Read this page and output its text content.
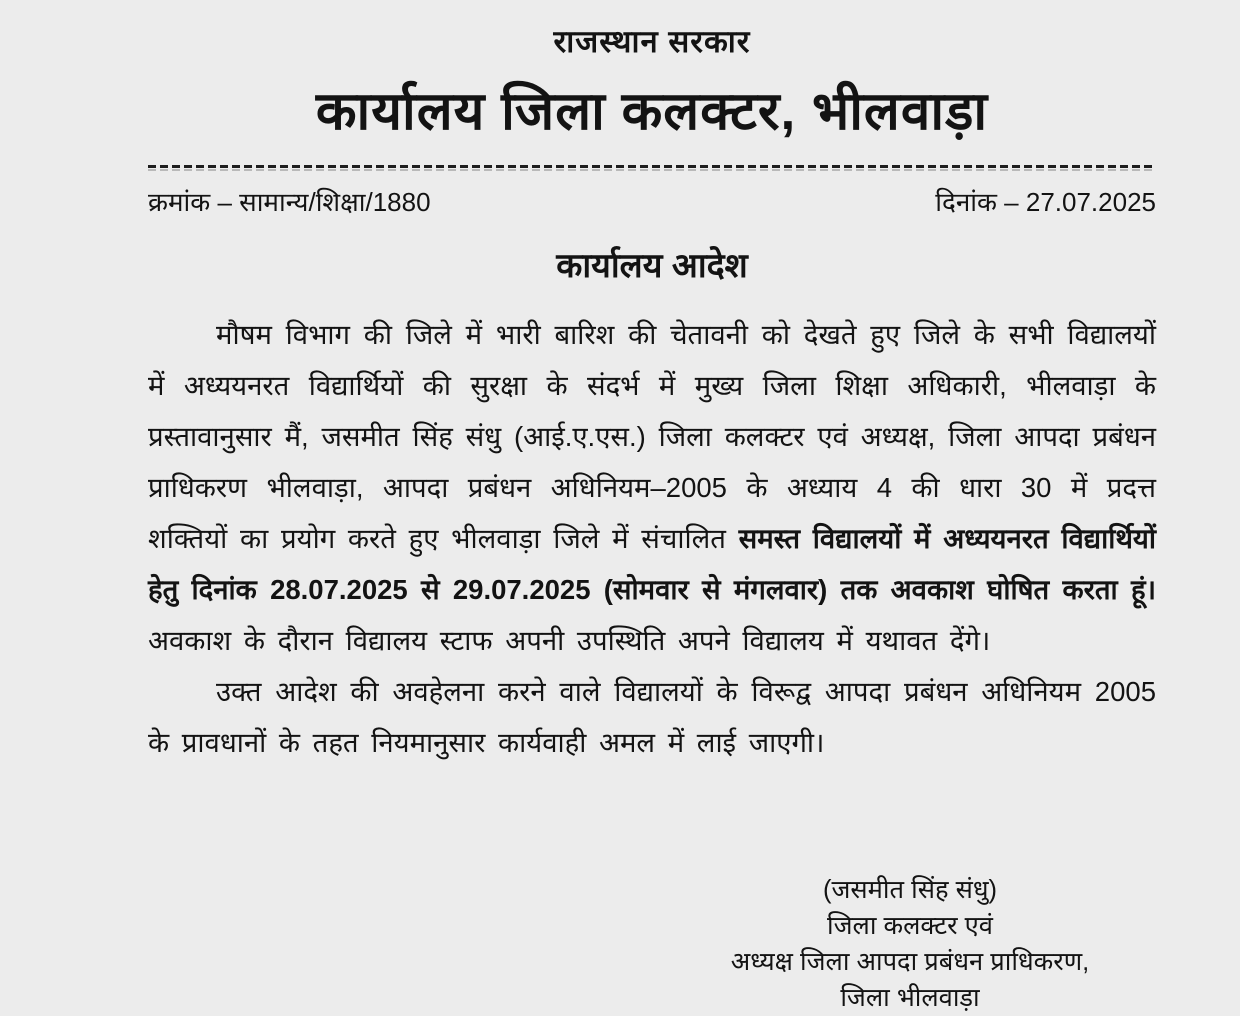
राजस्थान सरकार
कार्यालय जिला कलक्टर, भीलवाड़ा
क्रमांक – सामान्य/शिक्षा/1880	दिनांक – 27.07.2025
कार्यालय आदेश

मौषम विभाग की जिले में भारी बारिश की चेतावनी को देखते हुए जिले के सभी विद्यालयों में अध्ययनरत विद्यार्थियों की सुरक्षा के संदर्भ में मुख्य जिला शिक्षा अधिकारी, भीलवाड़ा के प्रस्तावानुसार मैं, जसमीत सिंह संधु (आई.ए.एस.) जिला कलक्टर एवं अध्यक्ष, जिला आपदा प्रबंधन प्राधिकरण भीलवाड़ा, आपदा प्रबंधन अधिनियम–2005 के अध्याय 4 की धारा 30 में प्रदत्त शक्तियों का प्रयोग करते हुए भीलवाड़ा जिले में संचालित समस्त विद्यालयों में अध्ययनरत विद्यार्थियों हेतु दिनांक 28.07.2025 से 29.07.2025 (सोमवार से मंगलवार) तक अवकाश घोषित करता हूं। अवकाश के दौरान विद्यालय स्टाफ अपनी उपस्थिति अपने विद्यालय में यथावत देंगे।

उक्त आदेश की अवहेलना करने वाले विद्यालयों के विरूद्व आपदा प्रबंधन अधिनियम 2005 के प्रावधानों के तहत नियमानुसार कार्यवाही अमल में लाई जाएगी।

(जसमीत सिंह संधु)
जिला कलक्टर एवं
अध्यक्ष जिला आपदा प्रबंधन प्राधिकरण,
जिला भीलवाड़ा
